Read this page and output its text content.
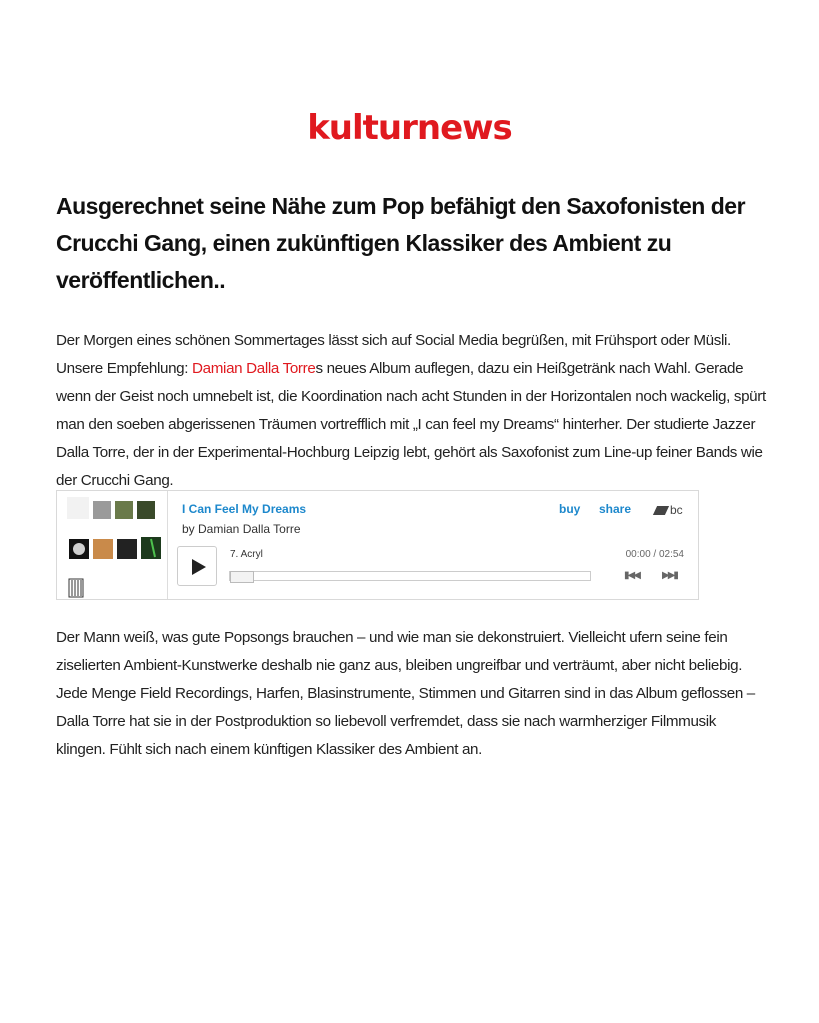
kulturnews
Ausgerechnet seine Nähe zum Pop befähigt den Saxofonisten der Crucchi Gang, einen zukünftigen Klassiker des Ambient zu veröffentlichen..

Der Morgen eines schönen Sommertages lässt sich auf Social Media begrüßen, mit Frühsport oder Müsli. Unsere Empfehlung: Damian Dalla Torres neues Album auflegen, dazu ein Heißgetränk nach Wahl. Gerade wenn der Geist noch umnebelt ist, die Koordination nach acht Stunden in der Horizontalen noch wackelig, spürt man den soeben abgerissenen Träumen vortrefflich mit „I can feel my Dreams“ hinterher. Der studierte Jazzer Dalla Torre, der in der Experimental-Hochburg Leipzig lebt, gehört als Saxofonist zum Line-up feiner Bands wie der Crucchi Gang.

I Can Feel My Dreams
by Damian Dalla Torre
buy share	bc
7. Acryl	00:00 / 02:54
▮◀◀ ▶▶▮

Der Mann weiß, was gute Popsongs brauchen – und wie man sie dekonstruiert. Vielleicht ufern seine fein ziselierten Ambient-Kunstwerke deshalb nie ganz aus, bleiben ungreifbar und verträumt, aber nicht beliebig. Jede Menge Field Recordings, Harfen, Blasinstrumente, Stimmen und Gitarren sind in das Album geflossen – Dalla Torre hat sie in der Postproduktion so liebevoll verfremdet, dass sie nach warmherziger Filmmusik klingen. Fühlt sich nach einem künftigen Klassiker des Ambient an.
